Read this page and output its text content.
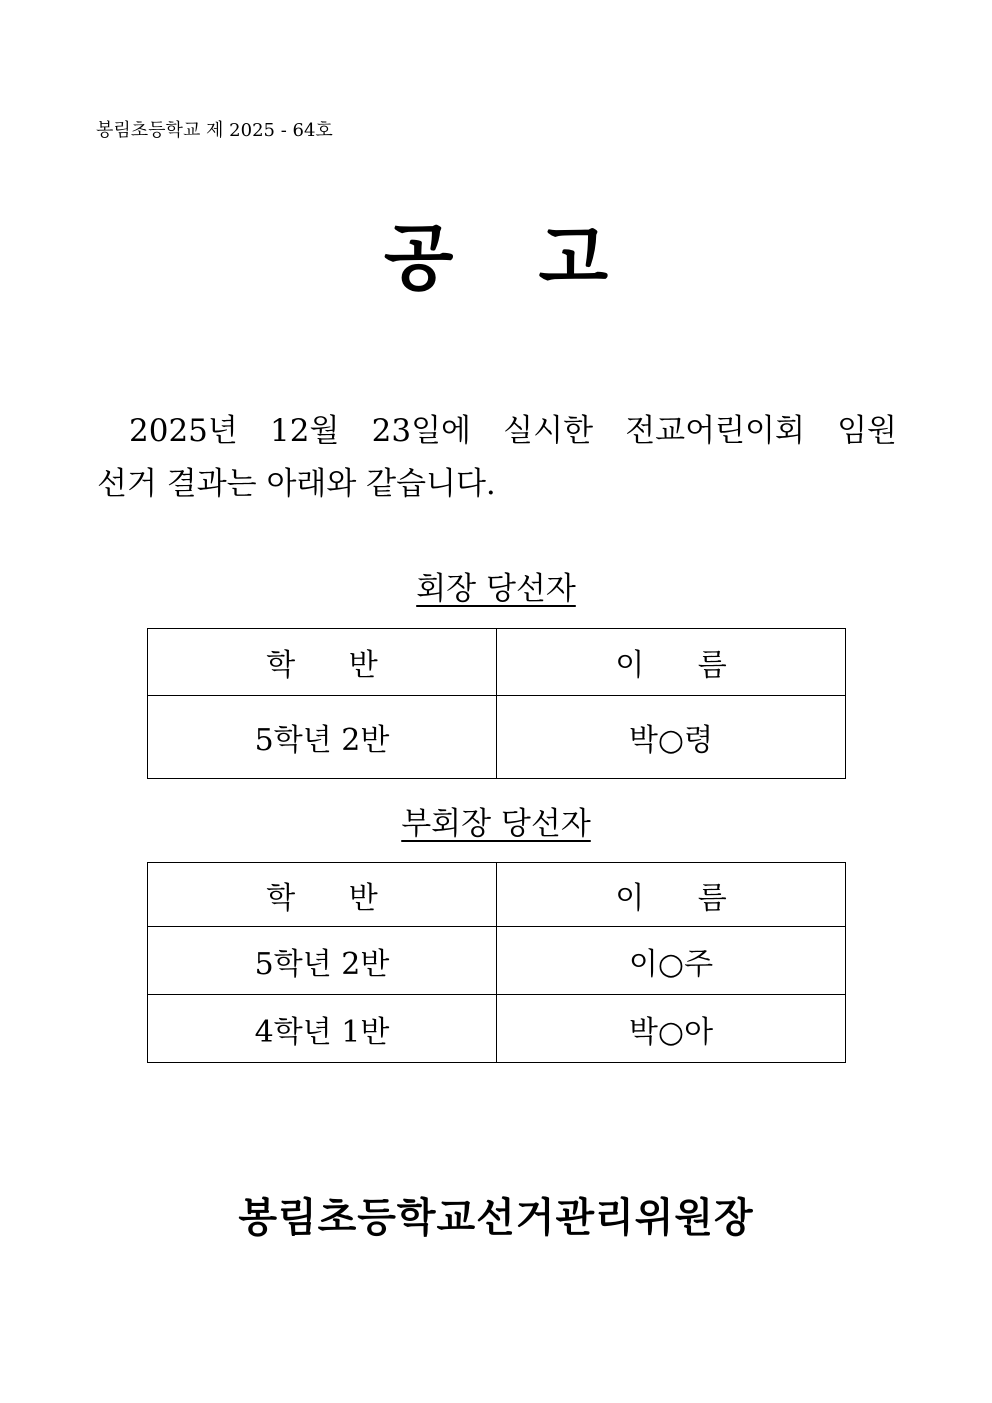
봉림초등학교 제 2025 - 64호
공 고
2025년 12월 23일에 실시한 전교어린이회 임원
선거 결과는 아래와 같습니다.
회장 당선자
학 반	이 름
5학년 2반	박○령
부회장 당선자
학 반	이 름
5학년 2반	이○주
4학년 1반	박○아
봉림초등학교선거관리위원장
